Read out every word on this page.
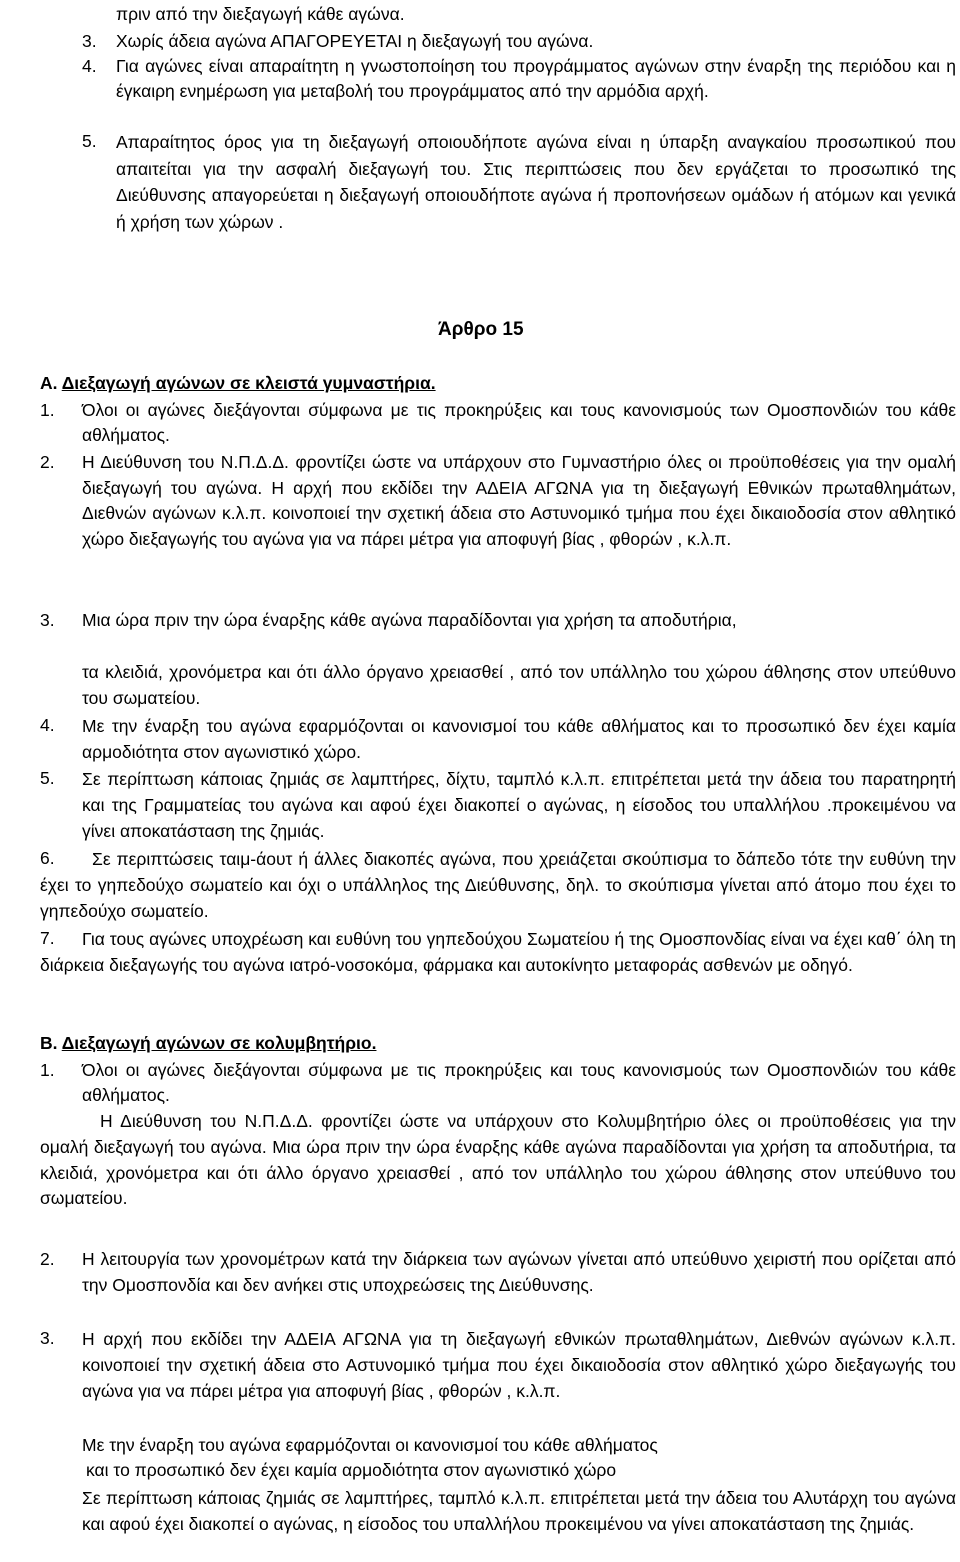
πριν από την διεξαγωγή κάθε αγώνα.
3. Χωρίς άδεια αγώνα ΑΠΑΓΟΡΕΥΕΤΑΙ η διεξαγωγή του αγώνα.
4. Για αγώνες είναι απαραίτητη η γνωστοποίηση του προγράμματος αγώνων στην έναρξη της περιόδου και η έγκαιρη ενημέρωση για μεταβολή του προγράμματος από την αρμόδια αρχή.
5. Απαραίτητος όρος για τη διεξαγωγή οποιουδήποτε αγώνα είναι η ύπαρξη αναγκαίου προσωπικού που απαιτείται για την ασφαλή διεξαγωγή του. Στις περιπτώσεις που δεν εργάζεται το προσωπικό της Διεύθυνσης απαγορεύεται η διεξαγωγή οποιουδήποτε αγώνα ή προπονήσεων ομάδων ή ατόμων και γενικά ή χρήση των χώρων .
Άρθρο 15
Α. Διεξαγωγή αγώνων σε κλειστά γυμναστήρια.
1. Όλοι οι αγώνες διεξάγονται σύμφωνα με τις προκηρύξεις και τους κανονισμούς των Ομοσπονδιών του κάθε αθλήματος.
2. Η Διεύθυνση του Ν.Π.Δ.Δ. φροντίζει ώστε να υπάρχουν στο Γυμναστήριο όλες οι προϋποθέσεις για την ομαλή διεξαγωγή του αγώνα. Η αρχή που εκδίδει την ΑΔΕΙΑ ΑΓΩΝΑ για τη διεξαγωγή Εθνικών πρωταθλημάτων, Διεθνών αγώνων κ.λ.π. κοινοποιεί την σχετική άδεια στο Αστυνομικό τμήμα που έχει δικαιοδοσία στον αθλητικό χώρο διεξαγωγής του αγώνα για να πάρει μέτρα για αποφυγή βίας , φθορών , κ.λ.π.
3. Μια ώρα πριν την ώρα έναρξης κάθε αγώνα παραδίδονται για χρήση τα αποδυτήρια,
τα κλειδιά, χρονόμετρα και ότι άλλο όργανο χρειασθεί , από τον υπάλληλο του χώρου άθλησης στον υπεύθυνο του σωματείου.
4. Με την έναρξη του αγώνα εφαρμόζονται οι κανονισμοί του κάθε αθλήματος και το προσωπικό δεν έχει καμία αρμοδιότητα στον αγωνιστικό χώρο.
5. Σε περίπτωση κάποιας ζημιάς σε λαμπτήρες, δίχτυ, ταμπλό κ.λ.π. επιτρέπεται μετά την άδεια του παρατηρητή και της Γραμματείας του αγώνα και αφού έχει διακοπεί ο αγώνας, η είσοδος του υπαλλήλου .προκειμένου να γίνει αποκατάσταση της ζημιάς.
6.	Σε περιπτώσεις ταιμ-άουτ ή άλλες διακοπές αγώνα, που χρειάζεται σκούπισμα το δάπεδο τότε την ευθύνη την έχει το γηπεδούχο σωματείο και όχι ο υπάλληλος της Διεύθυνσης, δηλ. το σκούπισμα γίνεται από άτομο που έχει το γηπεδούχο σωματείο.
7.	Για τους αγώνες υποχρέωση και ευθύνη του γηπεδούχου Σωματείου ή της Ομοσπονδίας είναι να έχει καθ΄ όλη τη διάρκεια διεξαγωγής του αγώνα ιατρό-νοσοκόμα, φάρμακα και αυτοκίνητο μεταφοράς ασθενών με οδηγό.
Β. Διεξαγωγή αγώνων σε κολυμβητήριο.
1. Όλοι οι αγώνες διεξάγονται σύμφωνα με τις προκηρύξεις και τους κανονισμούς των Ομοσπονδιών του κάθε αθλήματος.
Η Διεύθυνση του Ν.Π.Δ.Δ. φροντίζει ώστε να υπάρχουν στο Κολυμβητήριο όλες οι προϋποθέσεις για την ομαλή διεξαγωγή του αγώνα. Μια ώρα πριν την ώρα έναρξης κάθε αγώνα παραδίδονται για χρήση τα αποδυτήρια, τα κλειδιά, χρονόμετρα και ότι άλλο όργανο χρειασθεί , από τον υπάλληλο του χώρου άθλησης στον υπεύθυνο του σωματείου.
2. Η λειτουργία των χρονομέτρων κατά την διάρκεια των αγώνων γίνεται από υπεύθυνο χειριστή που ορίζεται από την Ομοσπονδία και δεν ανήκει στις υποχρεώσεις της Διεύθυνσης.
3. Η αρχή που εκδίδει την ΑΔΕΙΑ ΑΓΩΝΑ για τη διεξαγωγή εθνικών πρωταθλημάτων, Διεθνών αγώνων κ.λ.π. κοινοποιεί την σχετική άδεια στο Αστυνομικό τμήμα που έχει δικαιοδοσία στον αθλητικό χώρο διεξαγωγής του αγώνα για να πάρει μέτρα για αποφυγή βίας , φθορών , κ.λ.π.
Με την έναρξη του αγώνα εφαρμόζονται οι κανονισμοί του κάθε αθλήματος
και το προσωπικό δεν έχει καμία αρμοδιότητα στον αγωνιστικό χώρο
Σε περίπτωση κάποιας ζημιάς σε λαμπτήρες, ταμπλό κ.λ.π. επιτρέπεται μετά την άδεια του Αλυτάρχη του αγώνα και αφού έχει διακοπεί ο αγώνας, η είσοδος του υπαλλήλου προκειμένου να γίνει αποκατάσταση της ζημιάς.
